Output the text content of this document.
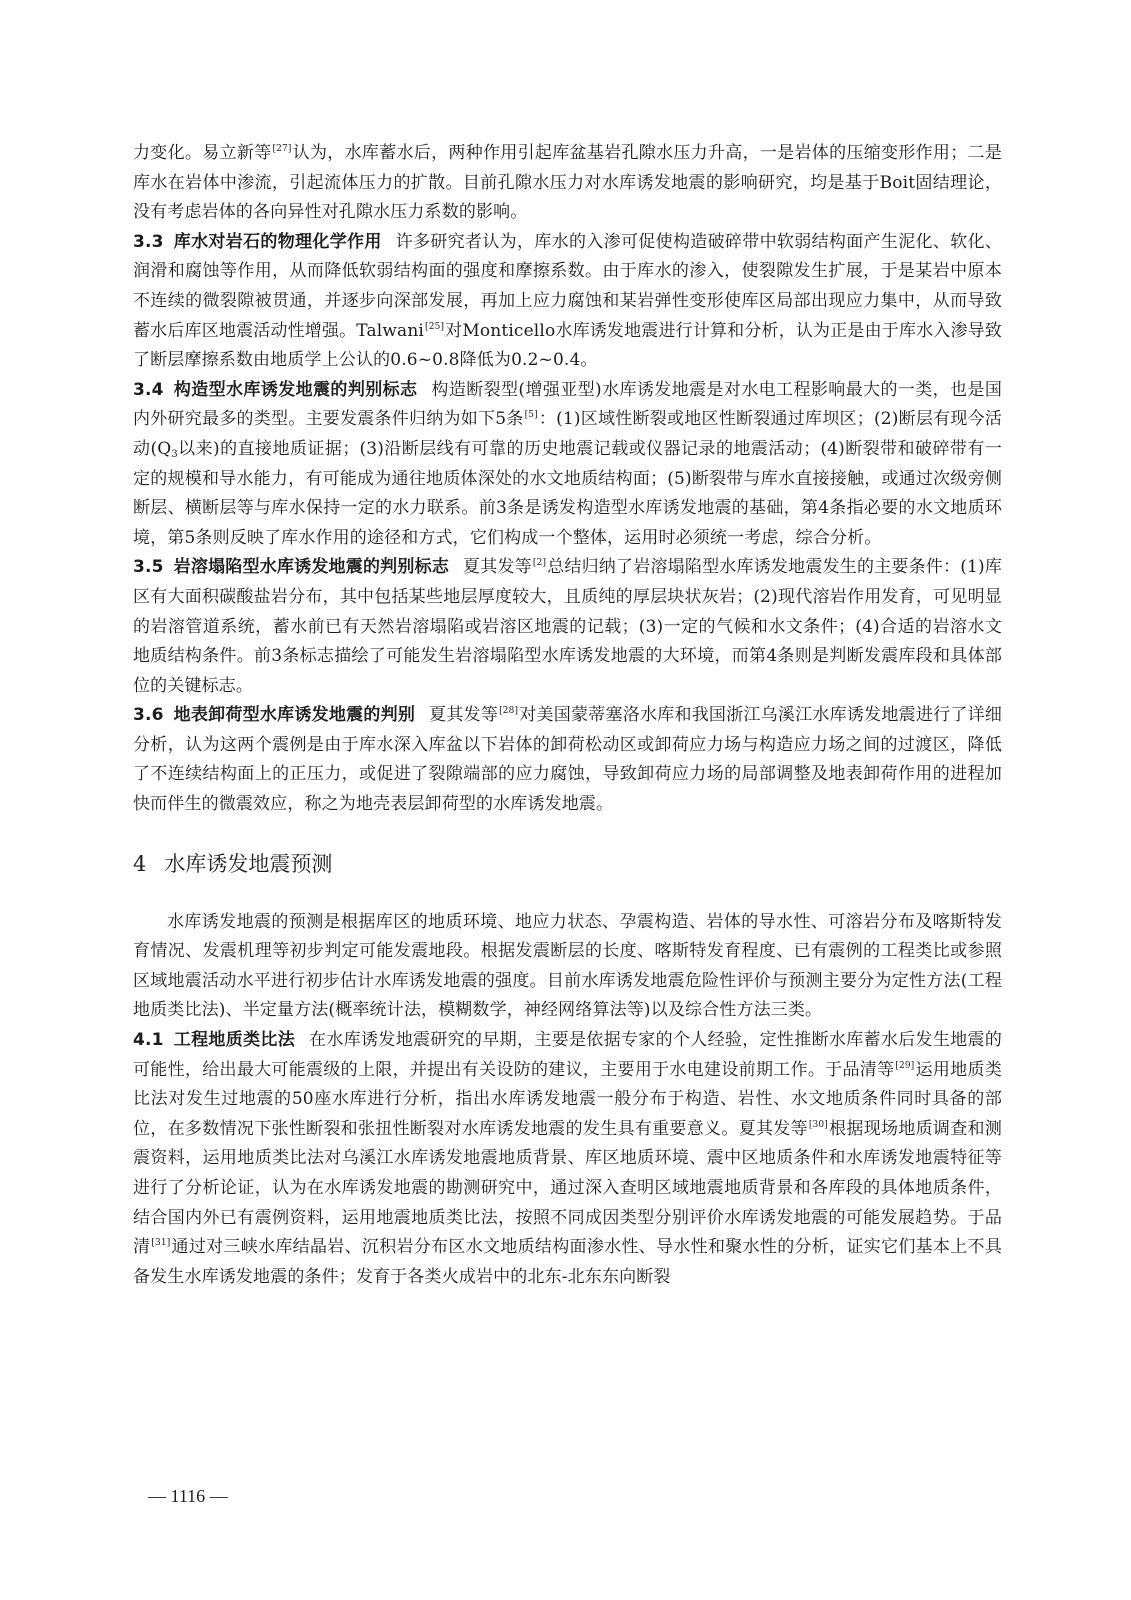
力变化。易立新等[27]认为，水库蓄水后，两种作用引起库盆基岩孔隙水压力升高，一是岩体的压缩变形作用；二是库水在岩体中渗流，引起流体压力的扩散。目前孔隙水压力对水库诱发地震的影响研究，均是基于Boit固结理论，没有考虑岩体的各向异性对孔隙水压力系数的影响。

3.3 库水对岩石的物理化学作用 许多研究者认为，库水的入渗可促使构造破碎带中软弱结构面产生泥化、软化、润滑和腐蚀等作用，从而降低软弱结构面的强度和摩擦系数。由于库水的渗入，使裂隙发生扩展，于是某岩中原本不连续的微裂隙被贯通，并逐步向深部发展，再加上应力腐蚀和某岩弹性变形使库区局部出现应力集中，从而导致蓄水后库区地震活动性增强。Talwani[25]对Monticello水库诱发地震进行计算和分析，认为正是由于库水入渗导致了断层摩擦系数由地质学上公认的0.6~0.8降低为0.2~0.4。

3.4 构造型水库诱发地震的判别标志 构造断裂型(增强亚型)水库诱发地震是对水电工程影响最大的一类，也是国内外研究最多的类型。主要发震条件归纳为如下5条[5]：(1)区域性断裂或地区性断裂通过库坝区；(2)断层有现今活动($Q_3$以来)的直接地质证据；(3)沿断层线有可靠的历史地震记载或仪器记录的地震活动；(4)断裂带和破碎带有一定的规模和导水能力，有可能成为通往地质体深处的水文地质结构面；(5)断裂带与库水直接接触，或通过次级旁侧断层、横断层等与库水保持一定的水力联系。前3条是诱发构造型水库诱发地震的基础，第4条指必要的水文地质环境，第5条则反映了库水作用的途径和方式，它们构成一个整体，运用时必须统一考虑，综合分析。

3.5 岩溶塌陷型水库诱发地震的判别标志 夏其发等[2]总结归纳了岩溶塌陷型水库诱发地震发生的主要条件：(1)库区有大面积碳酸盐岩分布，其中包括某些地层厚度较大，且质纯的厚层块状灰岩；(2)现代溶岩作用发育，可见明显的岩溶管道系统，蓄水前已有天然岩溶塌陷或岩溶区地震的记载；(3)一定的气候和水文条件；(4)合适的岩溶水文地质结构条件。前3条标志描绘了可能发生岩溶塌陷型水库诱发地震的大环境，而第4条则是判断发震库段和具体部位的关键标志。

3.6 地表卸荷型水库诱发地震的判别 夏其发等[28]对美国蒙蒂塞洛水库和我国浙江乌溪江水库诱发地震进行了详细分析，认为这两个震例是由于库水深入库盆以下岩体的卸荷松动区或卸荷应力场与构造应力场之间的过渡区，降低了不连续结构面上的正压力，或促进了裂隙端部的应力腐蚀，导致卸荷应力场的局部调整及地表卸荷作用的进程加快而伴生的微震效应，称之为地壳表层卸荷型的水库诱发地震。

4 水库诱发地震预测

水库诱发地震的预测是根据库区的地质环境、地应力状态、孕震构造、岩体的导水性、可溶岩分布及喀斯特发育情况、发震机理等初步判定可能发震地段。根据发震断层的长度、喀斯特发育程度、已有震例的工程类比或参照区域地震活动水平进行初步估计水库诱发地震的强度。目前水库诱发地震危险性评价与预测主要分为定性方法(工程地质类比法)、半定量方法(概率统计法，模糊数学，神经网络算法等)以及综合性方法三类。

4.1 工程地质类比法 在水库诱发地震研究的早期，主要是依据专家的个人经验，定性推断水库蓄水后发生地震的可能性，给出最大可能震级的上限，并提出有关设防的建议，主要用于水电建设前期工作。于品清等[29]运用地质类比法对发生过地震的50座水库进行分析，指出水库诱发地震一般分布于构造、岩性、水文地质条件同时具备的部位，在多数情况下张性断裂和张扭性断裂对水库诱发地震的发生具有重要意义。夏其发等[30]根据现场地质调查和测震资料，运用地质类比法对乌溪江水库诱发地震地质背景、库区地质环境、震中区地质条件和水库诱发地震特征等进行了分析论证，认为在水库诱发地震的勘测研究中，通过深入查明区域地震地质背景和各库段的具体地质条件，结合国内外已有震例资料，运用地震地质类比法，按照不同成因类型分别评价水库诱发地震的可能发展趋势。于品清[31]通过对三峡水库结晶岩、沉积岩分布区水文地质结构面渗水性、导水性和聚水性的分析，证实它们基本上不具备发生水库诱发地震的条件；发育于各类火成岩中的北东-北东东向断裂

— 1116 —
